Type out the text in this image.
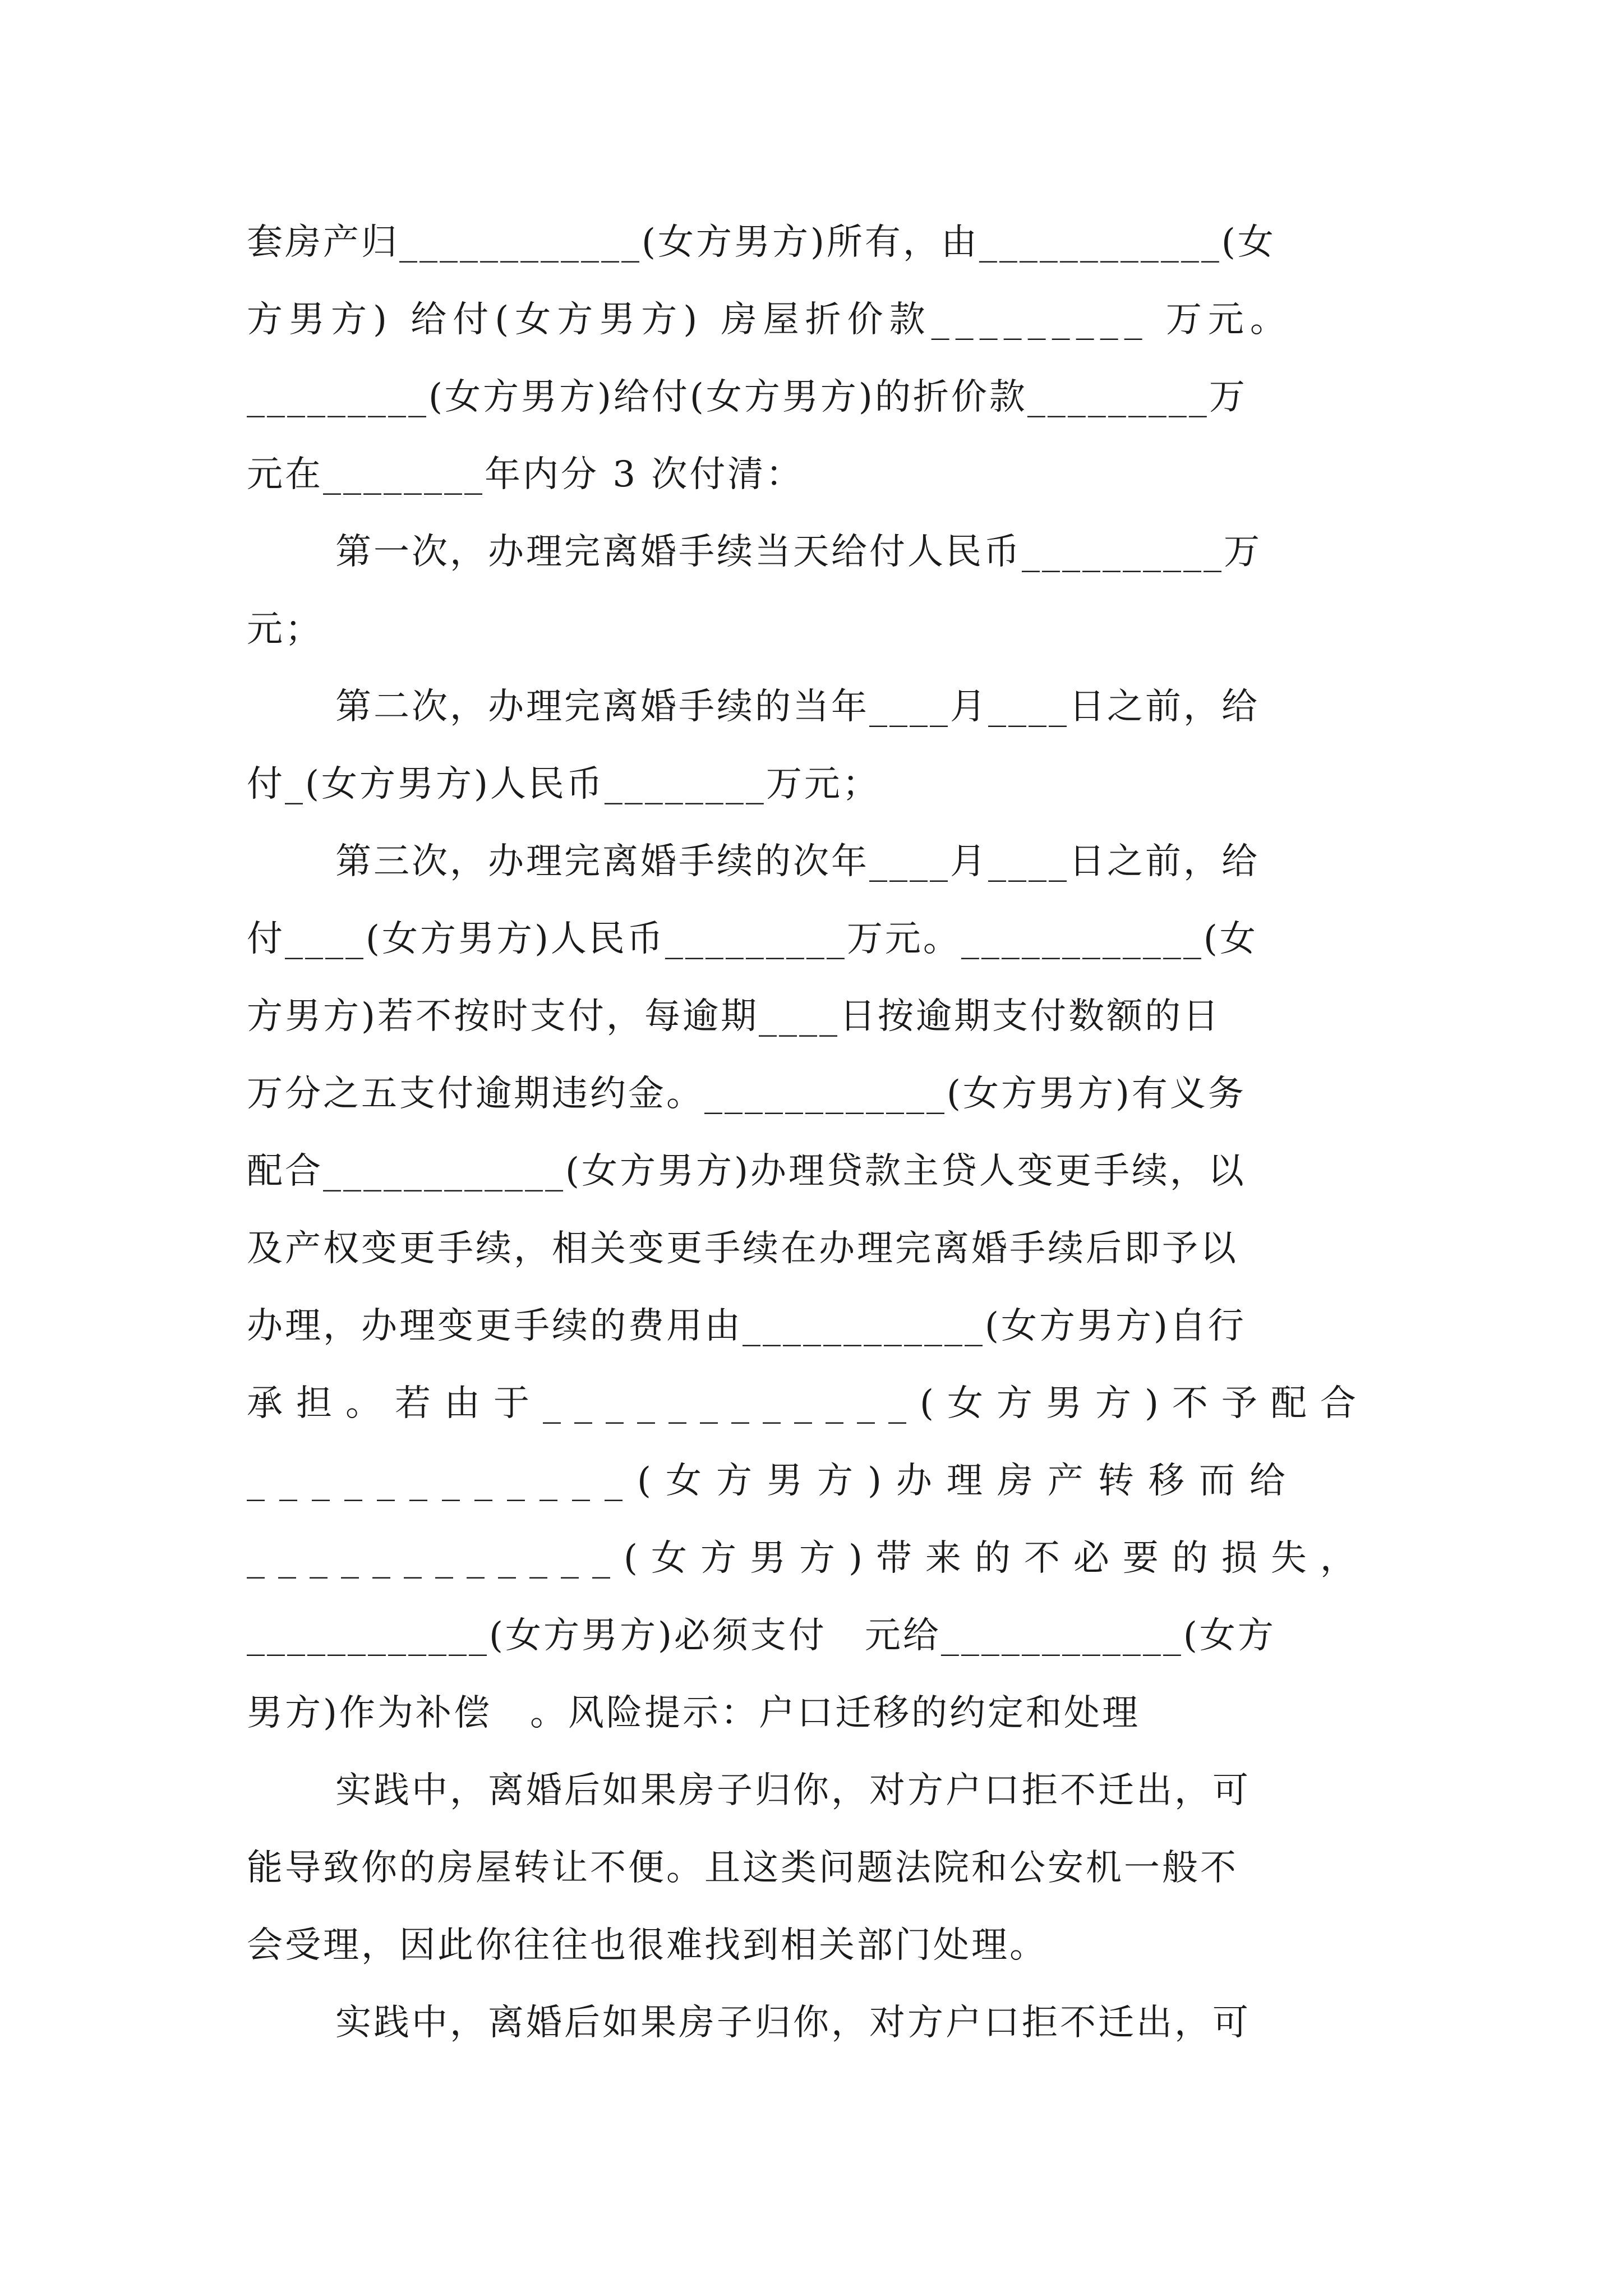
套房产归____________(女方男方)所有，由____________(女
方男方) 给付(女方男方) 房屋折价款_________ 万元。
_________(女方男方)给付(女方男方)的折价款_________万
元在________年内分 3 次付清：
第一次，办理完离婚手续当天给付人民币__________万
元；
第二次，办理完离婚手续的当年____月____日之前，给
付_(女方男方)人民币________万元；
第三次，办理完离婚手续的次年____月____日之前，给
付____(女方男方)人民币_________万元。____________(女
方男方)若不按时支付，每逾期____日按逾期支付数额的日
万分之五支付逾期违约金。____________(女方男方)有义务
配合____________(女方男方)办理贷款主贷人变更手续，以
及产权变更手续，相关变更手续在办理完离婚手续后即予以
办理，办理变更手续的费用由____________(女方男方)自行
承担。若由于____________(女方男方)不予配合
____________(女方男方)办理房产转移而给
____________(女方男方)带来的不必要的损失，
____________(女方男方)必须支付　元给____________(女方
男方)作为补偿　。风险提示：户口迁移的约定和处理
实践中，离婚后如果房子归你，对方户口拒不迁出，可
能导致你的房屋转让不便。且这类问题法院和公安机一般不
会受理，因此你往往也很难找到相关部门处理。
实践中，离婚后如果房子归你，对方户口拒不迁出，可
